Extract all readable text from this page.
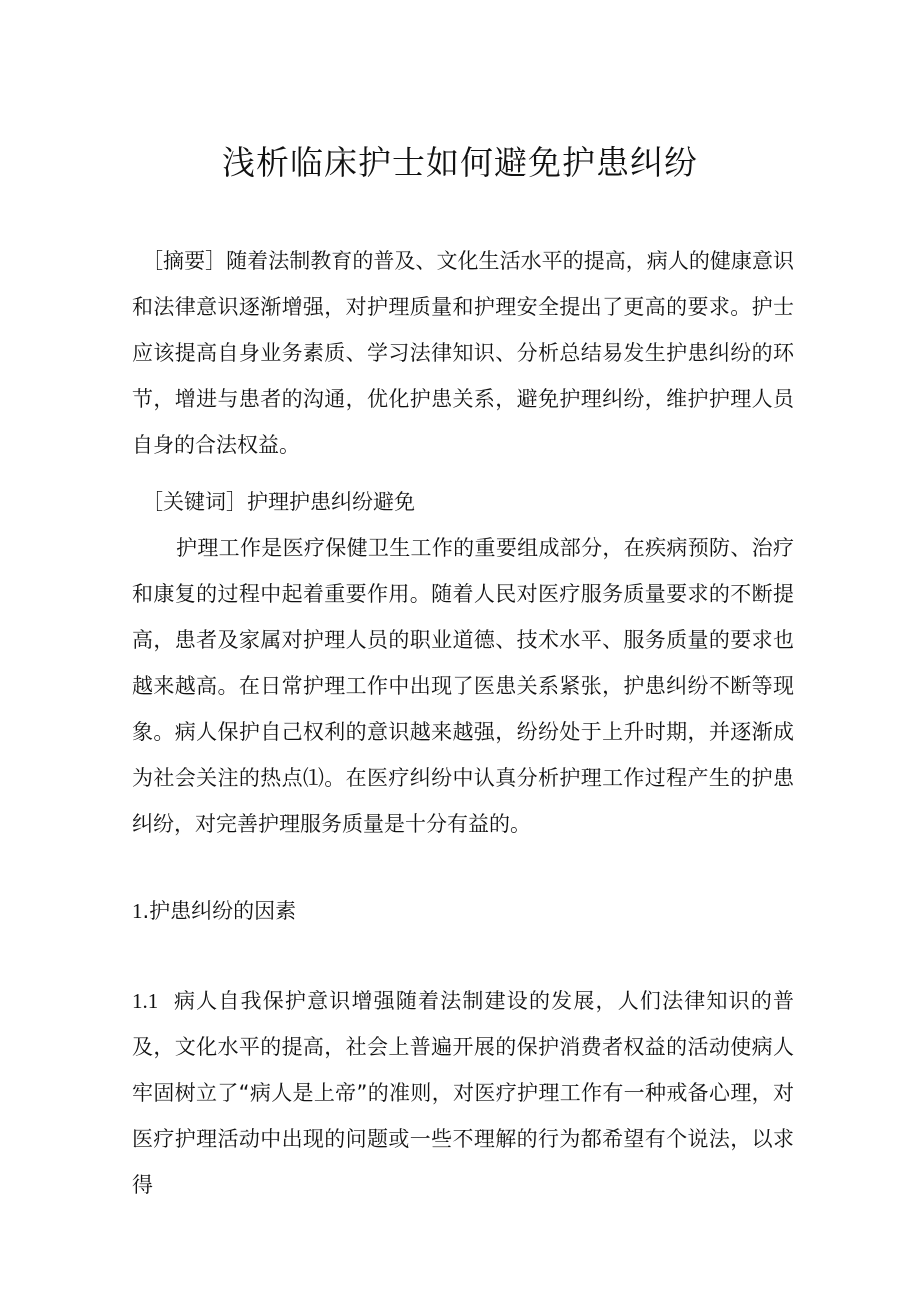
浅析临床护士如何避免护患纠纷
［摘要］随着法制教育的普及、文化生活水平的提高，病人的健康意识和法律意识逐渐增强，对护理质量和护理安全提出了更高的要求。护士应该提高自身业务素质、学习法律知识、分析总结易发生护患纠纷的环节，增进与患者的沟通，优化护患关系，避免护理纠纷，维护护理人员自身的合法权益。
［关键词］护理护患纠纷避免
护理工作是医疗保健卫生工作的重要组成部分，在疾病预防、治疗和康复的过程中起着重要作用。随着人民对医疗服务质量要求的不断提高，患者及家属对护理人员的职业道德、技术水平、服务质量的要求也越来越高。在日常护理工作中出现了医患关系紧张，护患纠纷不断等现象。病人保护自己权利的意识越来越强，纷纷处于上升时期，并逐渐成为社会关注的热点⑴。在医疗纠纷中认真分析护理工作过程产生的护患纠纷，对完善护理服务质量是十分有益的。
1.护患纠纷的因素
1.1 病人自我保护意识增强随着法制建设的发展，人们法律知识的普及，文化水平的提高，社会上普遍开展的保护消费者权益的活动使病人牢固树立了“病人是上帝”的准则，对医疗护理工作有一种戒备心理，对医疗护理活动中出现的问题或一些不理解的行为都希望有个说法，以求得
